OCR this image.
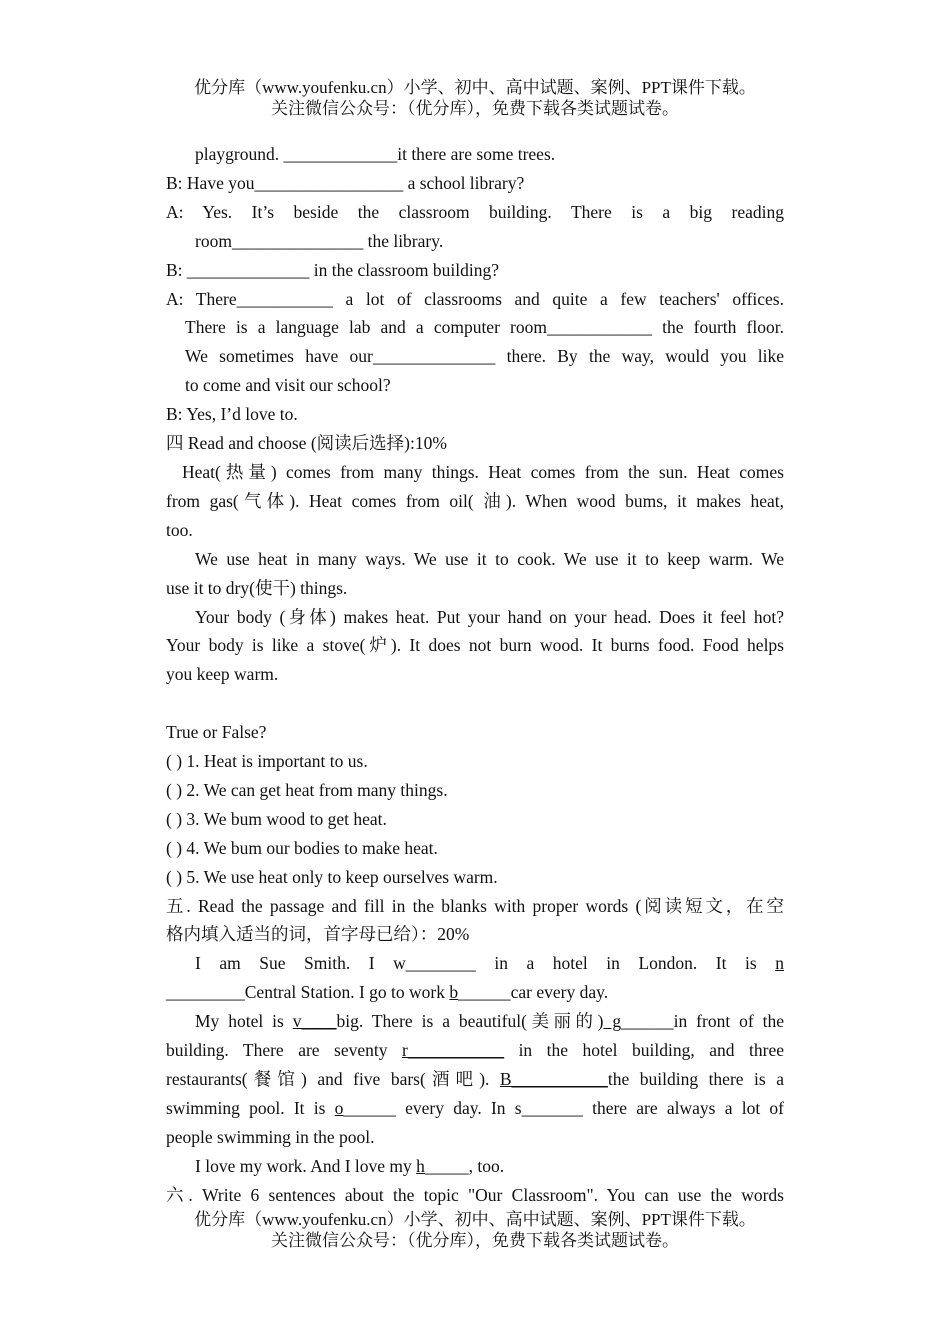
优分库（www.youfenku.cn）小学、初中、高中试题、案例、PPT课件下载。
关注微信公众号：（优分库），免费下载各类试题试卷。

playground. _____________it there are some trees.

B: Have you_________________ a school library?

A: Yes. It’s beside the classroom building. There is a big reading

room_______________ the library.

B: ______________ in the classroom building?

A: There___________ a lot of classrooms and quite a few teachers' offices.

There is a language lab and a computer room____________ the fourth floor.

We sometimes have our______________ there. By the way, would you like

to come and visit our school?

B: Yes, I’d love to.

四 Read and choose (阅读后选择):10%

Heat(热量) comes from many things. Heat comes from the sun. Heat comes

from gas(气体). Heat comes from oil( 油). When wood bums, it makes heat,

too.

We use heat in many ways. We use it to cook. We use it to keep warm. We

use it to dry(使干) things.

Your body (身体) makes heat. Put your hand on your head. Does it feel hot?

Your body is like a stove(炉). It does not burn wood. It burns food. Food helps

you keep warm.

True or False?

( ) 1. Heat is important to us.

( ) 2. We can get heat from many things.

( ) 3. We bum wood to get heat.

( ) 4. We bum our bodies to make heat.

( ) 5. We use heat only to keep ourselves warm.

五. Read the passage and fill in the blanks with proper words (阅读短文，在空

格内填入适当的词，首字母已给）：20%

I am Sue Smith. I w________ in a hotel in London. It is n

_________Central Station. I go to work b______car every day.

My hotel is v____big. There is a beautiful(美丽的) g______in front of the

building. There are seventy r___________ in the hotel building, and three

restaurants(餐馆) and five bars(酒吧). B___________the building there is a

swimming pool. It is o______ every day. In s_______ there are always a lot of

people swimming in the pool.

I love my work. And I love my h_____, too.

六. Write 6 sentences about the topic "Our Classroom". You can use the words

优分库（www.youfenku.cn）小学、初中、高中试题、案例、PPT课件下载。
关注微信公众号：（优分库），免费下载各类试题试卷。
